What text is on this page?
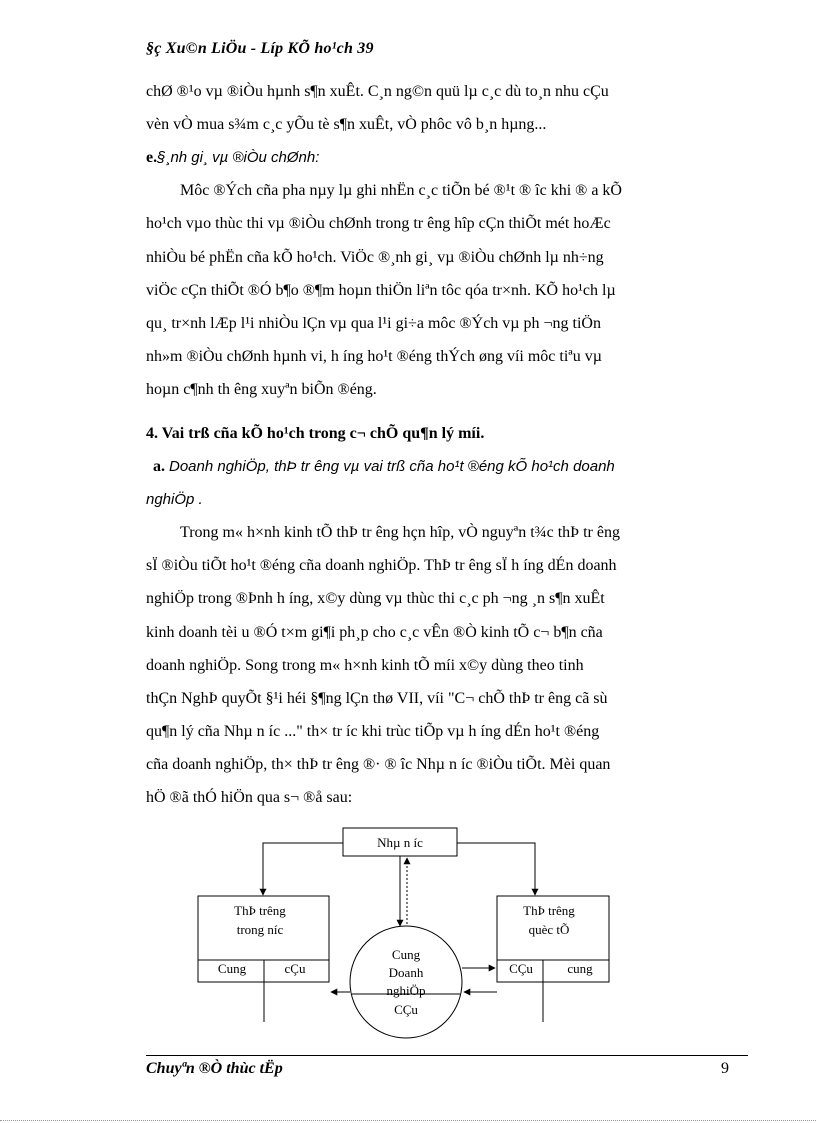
§ç Xu©n LiÖu - Líp KÕ ho¹ch 39
chØ ®¹o vµ ®iÒu hµnh s¶n xuÊt. C¸n ng©n quü lµ c¸c dù to¸n nhu cÇu
vèn vÒ mua s¾m c¸c yÕu tè s¶n xuÊt, vÒ phôc vô b¸n hµng...
e.§¸nh gi¸ vµ ®iÒu chØnh:
Môc ®Ých cña pha nµy lµ ghi nhËn c¸c tiÕn bé ®¹t ® îc khi ® a kÕ
ho¹ch vµo thùc thi vµ ®iÒu chØnh trong tr êng hîp cÇn thiÕt mét hoÆc
nhiÒu bé phËn cña kÕ ho¹ch. ViÖc ®¸nh gi¸ vµ ®iÒu chØnh lµ nh÷ng
viÖc cÇn thiÕt ®Ó b¶o ®¶m hoµn thiÖn liªn tôc qóa tr×nh. KÕ ho¹ch lµ
qu¸ tr×nh lÆp l¹i nhiÒu lÇn vµ qua l¹i gi÷a môc ®Ých vµ ph ¬ng tiÖn
nh»m ®iÒu chØnh hµnh vi, h íng ho¹t ®éng thÝch øng víi môc tiªu vµ
hoµn c¶nh th êng xuyªn biÕn ®éng.
4. Vai trß cña kÕ ho¹ch trong c¬ chÕ qu¶n lý míi.
a. Doanh nghiÖp, thÞ tr êng vµ vai trß cña ho¹t ®éng kÕ ho¹ch doanh
nghiÖp .
Trong m« h×nh kinh tÕ thÞ tr êng hçn hîp, vÒ nguyªn t¾c thÞ tr êng
sÏ ®iÒu tiÕt ho¹t ®éng cña doanh nghiÖp. ThÞ tr êng sÏ h íng dÉn doanh
nghiÖp trong ®Þnh h íng, x©y dùng vµ thùc thi c¸c ph ¬ng ¸n s¶n xuÊt
kinh doanh tèi u ®Ó t×m gi¶i ph¸p cho c¸c vÊn ®Ò kinh tÕ c¬ b¶n cña
doanh nghiÖp. Song trong m« h×nh kinh tÕ míi x©y dùng theo tinh
thÇn NghÞ quyÕt §¹i héi §¶ng lÇn thø VII, víi "C¬ chÕ thÞ tr êng cã sù
qu¶n lý cña Nhµ n íc ..." th× tr íc khi trùc tiÕp vµ h íng dÉn ho¹t ®éng
cña doanh nghiÖp, th× thÞ tr êng ®· ® îc Nhµ n íc ®iÒu tiÕt. Mèi quan
hÖ ®ã thÓ hiÖn qua s¬ ®å sau:
Nhµ n íc
ThÞ trêng
trong níc
Cung	cÇu
ThÞ trêng
quèc tÕ
CÇu	cung
Cung
Doanh
nghiÖp
CÇu
Chuyªn ®Ò thùc tËp	9
